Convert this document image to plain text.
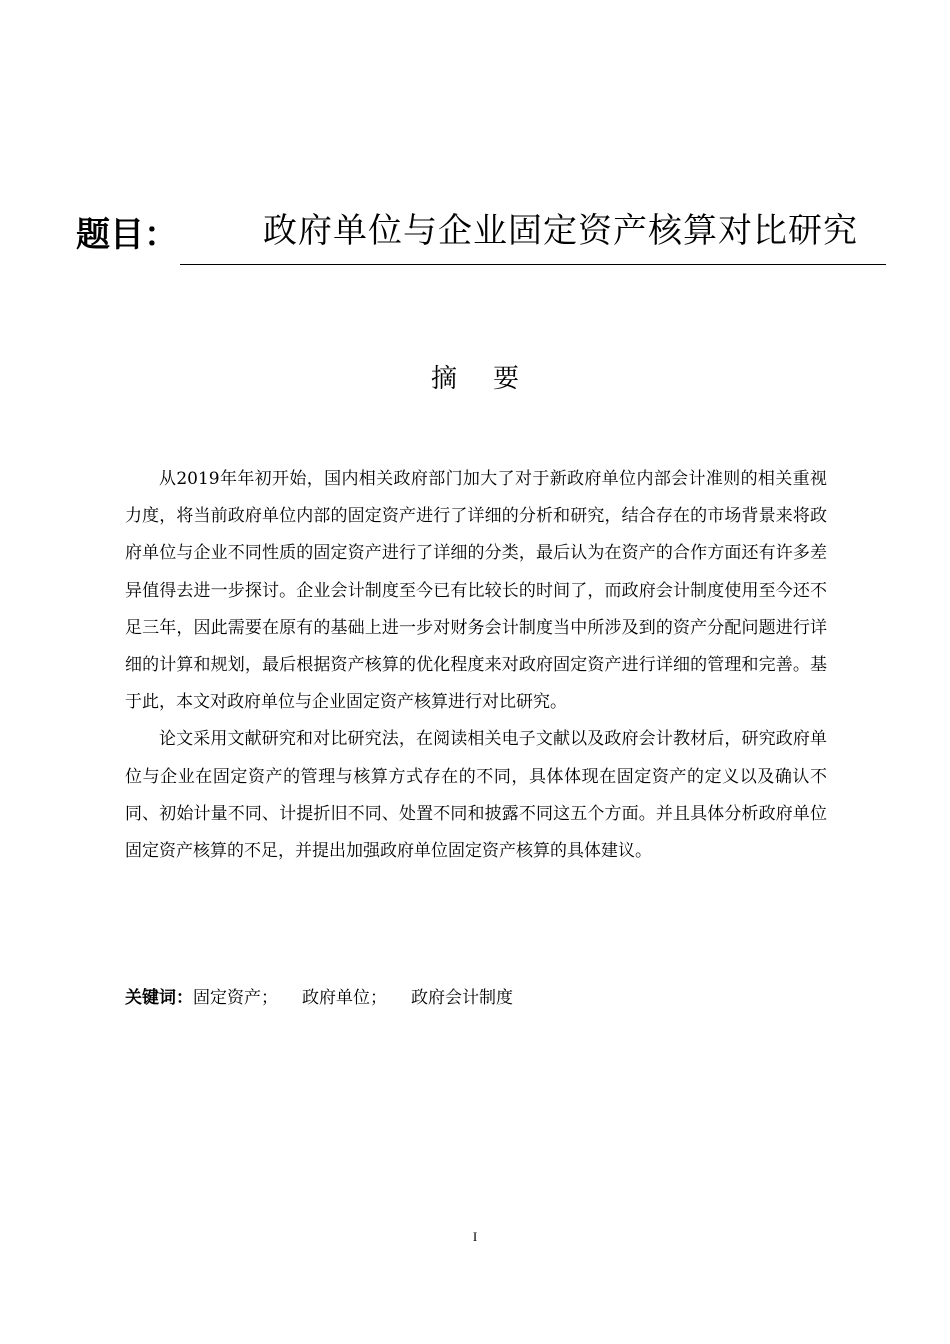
题目：	政府单位与企业固定资产核算对比研究
摘要

从2019年年初开始，国内相关政府部门加大了对于新政府单位内部会计准则的相关重视力度，将当前政府单位内部的固定资产进行了详细的分析和研究，结合存在的市场背景来将政府单位与企业不同性质的固定资产进行了详细的分类，最后认为在资产的合作方面还有许多差异值得去进一步探讨。企业会计制度至今已有比较长的时间了，而政府会计制度使用至今还不足三年，因此需要在原有的基础上进一步对财务会计制度当中所涉及到的资产分配问题进行详细的计算和规划，最后根据资产核算的优化程度来对政府固定资产进行详细的管理和完善。基于此，本文对政府单位与企业固定资产核算进行对比研究。

论文采用文献研究和对比研究法，在阅读相关电子文献以及政府会计教材后，研究政府单位与企业在固定资产的管理与核算方式存在的不同，具体体现在固定资产的定义以及确认不同、初始计量不同、计提折旧不同、处置不同和披露不同这五个方面。并且具体分析政府单位固定资产核算的不足，并提出加强政府单位固定资产核算的具体建议。

关键词：固定资产； 政府单位； 政府会计制度
I
